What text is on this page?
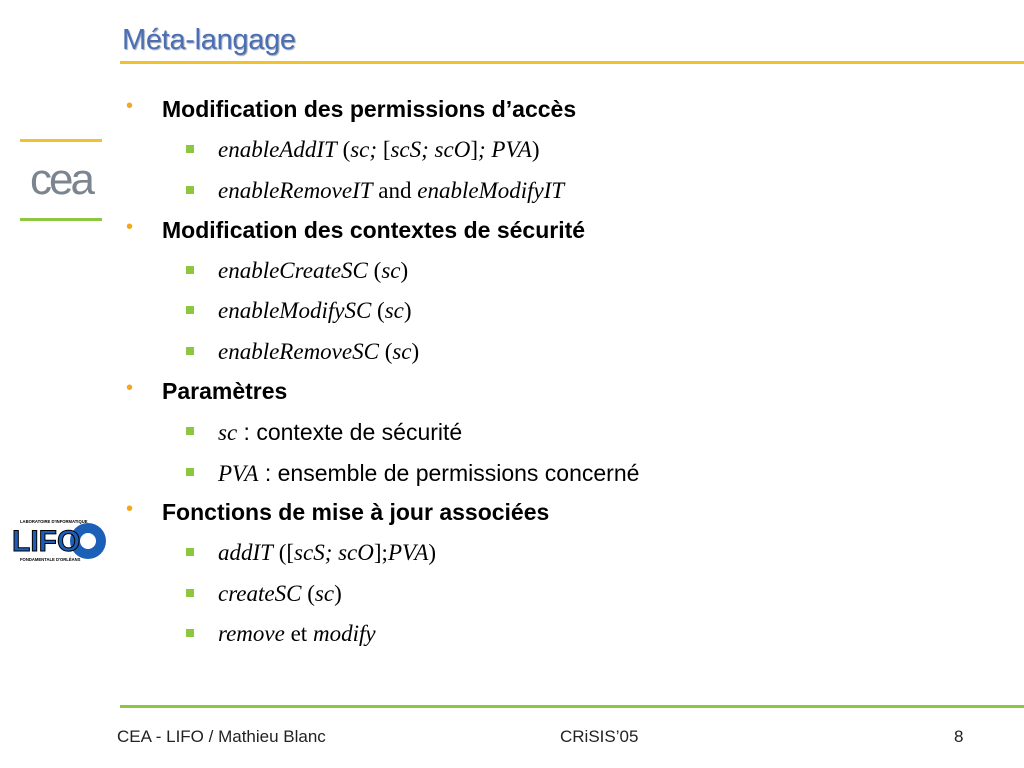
Méta-langage
cea
LABORATOIRE D'INFORMATIQUE
LIFO
FONDAMENTALE D'ORLÉANS
• Modification des permissions d’accès
enableAddIT (sc; [scS; scO]; PVA)
enableRemoveIT and enableModifyIT
• Modification des contextes de sécurité
enableCreateSC (sc)
enableModifySC (sc)
enableRemoveSC (sc)
• Paramètres
sc : contexte de sécurité
PVA : ensemble de permissions concerné
• Fonctions de mise à jour associées
addIT ([scS; scO];PVA)
createSC (sc)
remove et modify
CEA - LIFO / Mathieu Blanc	CRiSIS’05	8
